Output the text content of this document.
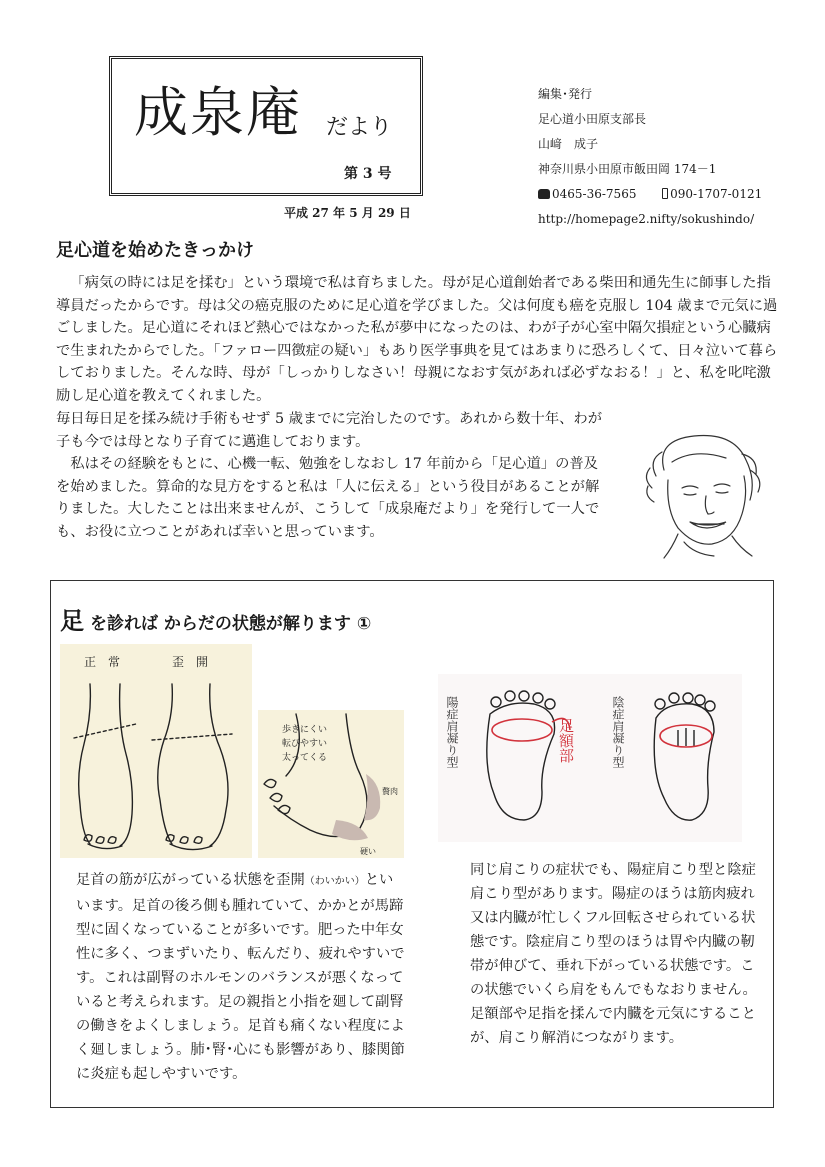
成泉庵 だより
第 3 号
平成 27 年 5 月 29 日
編集･発行
足心道小田原支部長
山﨑　成子
神奈川県小田原市飯田岡 174－1
0465-36-7565	090-1707-0121
http://homepage2.nifty/sokushindo/
足心道を始めたきっかけ

「病気の時には足を揉む」という環境で私は育ちました。母が足心道創始者である柴田和通先生に師事した指導員だったからです。母は父の癌克服のために足心道を学びました。父は何度も癌を克服し 104 歳まで元気に過ごしました。足心道にそれほど熱心ではなかった私が夢中になったのは、わが子が心室中隔欠損症という心臓病で生まれたからでした。「ファロー四徴症の疑い」もあり医学事典を見てはあまりに恐ろしくて、日々泣いて暮らしておりました。そんな時、母が「しっかりしなさい！母親になおす気があれば必ずなおる！」と、私を叱咤激励し足心道を教えてくれました。

毎日毎日足を揉み続け手術もせず 5 歳までに完治したのです。あれから数十年、わが子も今では母となり子育てに邁進しております。

私はその経験をもとに、心機一転、勉強をしなおし 17 年前から「足心道」の普及を始めました。算命的な見方をすると私は「人に伝える」という役目があることが解りました。大したことは出来ませんが、こうして「成泉庵だより」を発行して一人でも、お役に立つことがあれば幸いと思っています。

足 を診れば からだの状態が解ります ①
正　常	歪　開
歩きにくい
転びやすい
太ってくる
贅肉
硬い
陽症肩凝り型	陰症肩凝り型
足額部
足首の筋が広がっている状態を歪開（わいかい）といいます。足首の後ろ側も腫れていて、かかとが馬蹄型に固くなっていることが多いです。肥った中年女性に多く、つまずいたり、転んだり、疲れやすいです。これは副腎のホルモンのバランスが悪くなっていると考えられます。足の親指と小指を廻して副腎の働きをよくしましょう。足首も痛くない程度によく廻しましょう。肺･腎･心にも影響があり、膝関節に炎症も起しやすいです。
同じ肩こりの症状でも、陽症肩こり型と陰症肩こり型があります。陽症のほうは筋肉疲れ又は内臓が忙しくフル回転させられている状態です。陰症肩こり型のほうは胃や内臓の靭帯が伸びて、垂れ下がっている状態です。この状態でいくら肩をもんでもなおりません。足額部や足指を揉んで内臓を元気にすることが、肩こり解消につながります。
